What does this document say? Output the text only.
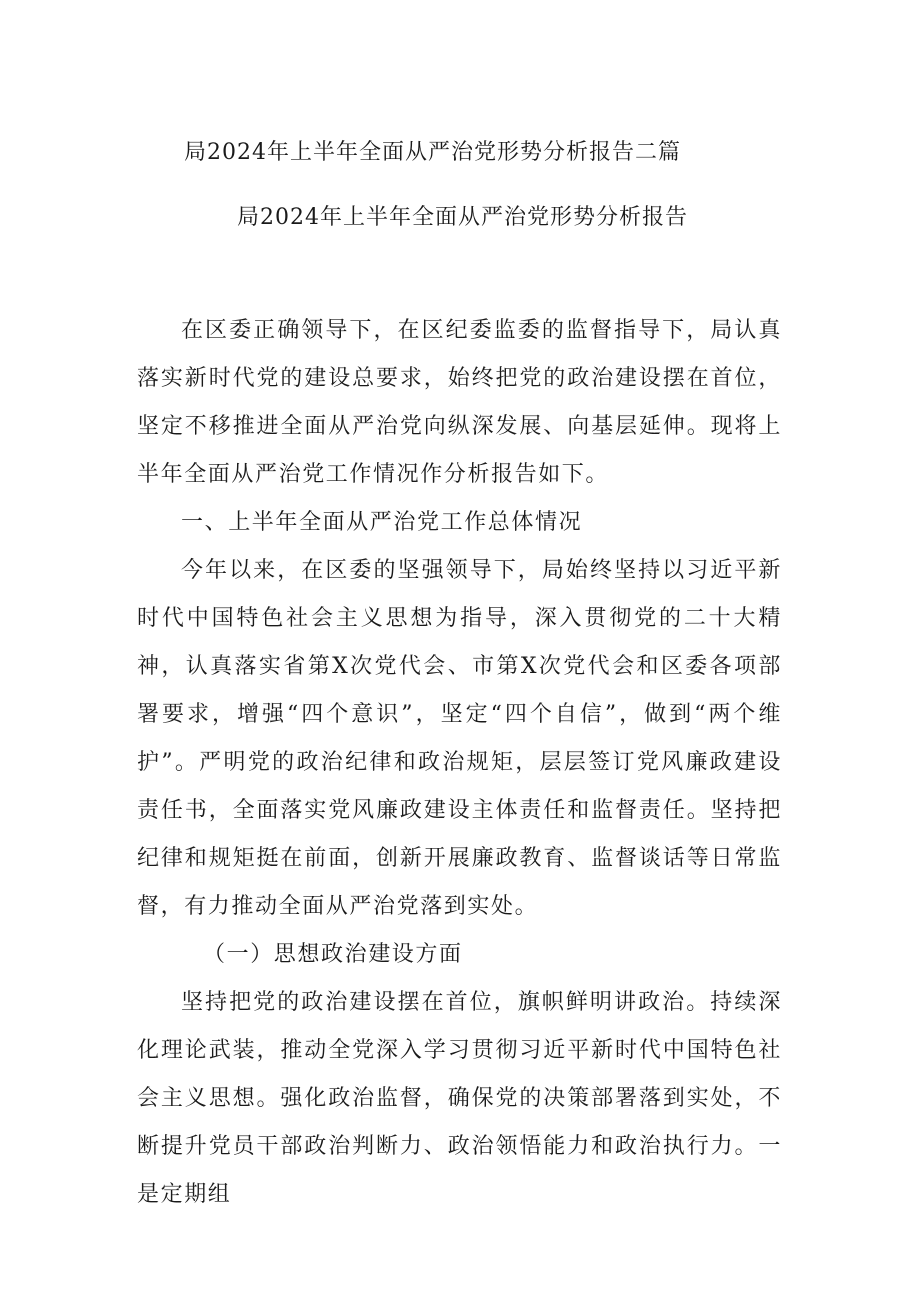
局2024年上半年全面从严治党形势分析报告二篇
局2024年上半年全面从严治党形势分析报告

在区委正确领导下，在区纪委监委的监督指导下，局认真落实新时代党的建设总要求，始终把党的政治建设摆在首位，坚定不移推进全面从严治党向纵深发展、向基层延伸。现将上半年全面从严治党工作情况作分析报告如下。

一、上半年全面从严治党工作总体情况

今年以来，在区委的坚强领导下，局始终坚持以习近平新时代中国特色社会主义思想为指导，深入贯彻党的二十大精神，认真落实省第X次党代会、市第X次党代会和区委各项部署要求，增强“四个意识”，坚定“四个自信”，做到“两个维护”。严明党的政治纪律和政治规矩，层层签订党风廉政建设责任书，全面落实党风廉政建设主体责任和监督责任。坚持把纪律和规矩挺在前面，创新开展廉政教育、监督谈话等日常监督，有力推动全面从严治党落到实处。

（一）思想政治建设方面

坚持把党的政治建设摆在首位，旗帜鲜明讲政治。持续深化理论武装，推动全党深入学习贯彻习近平新时代中国特色社会主义思想。强化政治监督，确保党的决策部署落到实处，不断提升党员干部政治判断力、政治领悟能力和政治执行力。一是定期组
